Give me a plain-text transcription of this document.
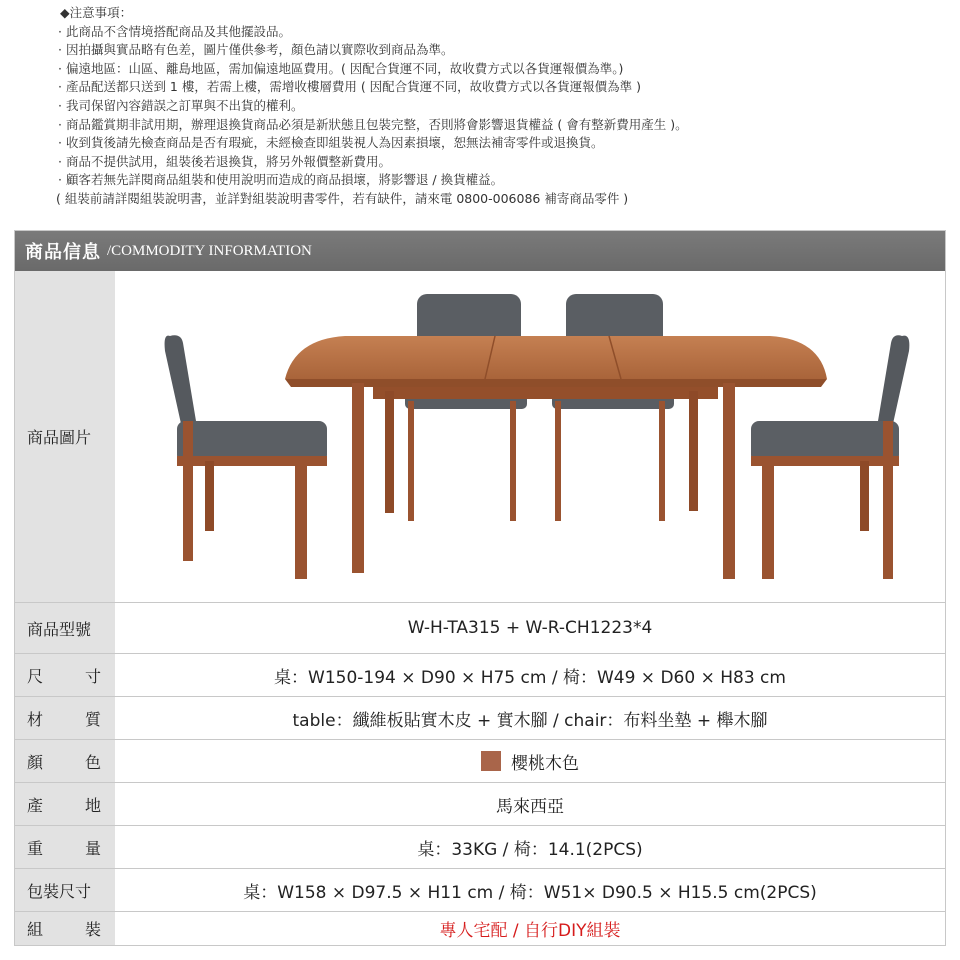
◆注意事項：
· 此商品不含情境搭配商品及其他擺設品。
· 因拍攝與實品略有色差，圖片僅供參考，顏色請以實際收到商品為準。
· 偏遠地區：山區、離島地區，需加偏遠地區費用。( 因配合貨運不同，故收費方式以各貨運報價為準。)
· 產品配送都只送到 1 樓，若需上樓，需增收樓層費用 ( 因配合貨運不同，故收費方式以各貨運報價為準 )
· 我司保留內容錯誤之訂單與不出貨的權利。
· 商品鑑賞期非試用期，辦理退換貨商品必須是新狀態且包裝完整，否則將會影響退貨權益 ( 會有整新費用產生 )。
· 收到貨後請先檢查商品是否有瑕疵，未經檢查即組裝視人為因素損壞，恕無法補寄零件或退換貨。
· 商品不提供試用，組裝後若退換貨，將另外報價整新費用。
· 顧客若無先詳閱商品組裝和使用說明而造成的商品損壞，將影響退 / 換貨權益。
( 組裝前請詳閱組裝說明書，並詳對組裝說明書零件，若有缺件，請來電 0800-006086 補寄商品零件 )
商品信息 /COMMODITY INFORMATION
商品圖片
商品型號	W-H-TA315 + W-R-CH1223*4
尺	寸	桌：W150-194 × D90 × H75 cm / 椅：W49 × D60 × H83 cm
材	質	table：纖維板貼實木皮 + 實木腳 / chair：布料坐墊 + 櫸木腳
顏	色	櫻桃木色
產	地	馬來西亞
重	量	桌：33KG / 椅：14.1(2PCS)
包裝尺寸	桌：W158 × D97.5 × H11 cm / 椅：W51× D90.5 × H15.5 cm(2PCS)
組	裝	專人宅配 / 自行DIY組裝
